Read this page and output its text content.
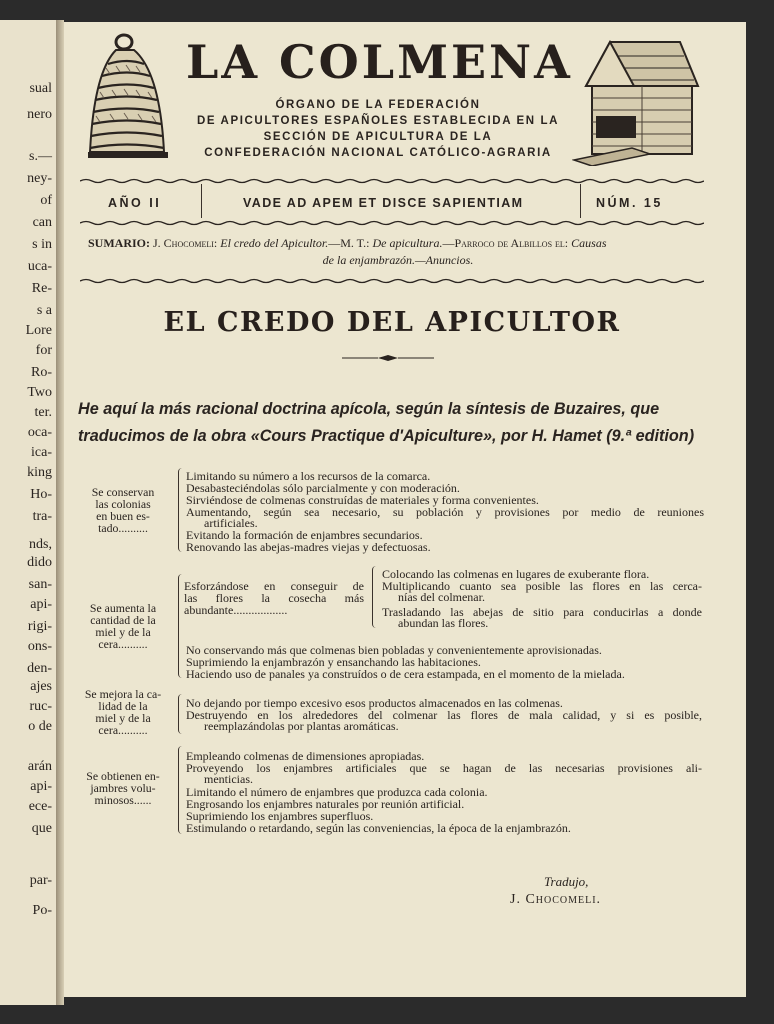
sual
nero
s.—
ney-
of
can
s in
uca-
Re-
s a
Lore
for
Ro-
Two
ter.
oca-
ica-
king
Ho-
tra-
nds,
dido
san-
api-
rigi-
ons-
den-
ajes
ruc-
o de
arán
api-
ece-
que
par-
Po-
LA COLMENA
ÓRGANO DE LA FEDERACIÓN
DE APICULTORES ESPAÑOLES ESTABLECIDA EN LA
SECCIÓN DE APICULTURA DE LA
CONFEDERACIÓN NACIONAL CATÓLICO-AGRARIA
AÑO II	VADE AD APEM ET DISCE SAPIENTIAM	NÚM. 15
SUMARIO: J. Chocomeli: El credo del Apicultor.—M. T.: De apicultura.—Parroco de Albillos el: Causas
de la enjambrazón.—Anuncios.
EL CREDO DEL APICULTOR
He aquí la más racional doctrina apícola, según la síntesis de Buzaires, que
traducimos de la obra «Cours Practique d'Apiculture», por H. Hamet (9.ª edition)
Se conservan
las colonias
en buen es-
tado..........
Limitando su número a los recursos de la comarca.
Desabasteciéndolas sólo parcialmente y con moderación.
Sirviéndose de colmenas construídas de materiales y forma convenientes.
Aumentando, según sea necesario, su población y provisiones por medio de reuniones
artificiales.
Evitando la formación de enjambres secundarios.
Renovando las abejas-madres viejas y defectuosas.
Se aumenta la
cantidad de la
miel y de la
cera..........
Esforzándose en conseguir de
las flores la cosecha más
abundante..................
Colocando las colmenas en lugares de exuberante flora.
Multiplicando cuanto sea posible las flores en las cerca-
nías del colmenar.
Trasladando las abejas de sitio para conducirlas a donde
abundan las flores.
No conservando más que colmenas bien pobladas y convenientemente aprovisionadas.
Suprimiendo la enjambrazón y ensanchando las habitaciones.
Haciendo uso de panales ya construídos o de cera estampada, en el momento de la mielada.
Se mejora la ca-
lidad de la
miel y de la
cera..........
No dejando por tiempo excesivo esos productos almacenados en las colmenas.
Destruyendo en los alrededores del colmenar las flores de mala calidad, y si es posible,
reemplazándolas por plantas aromáticas.
Se obtienen en-
jambres volu-
minosos......
Empleando colmenas de dimensiones apropiadas.
Proveyendo los enjambres artificiales que se hagan de las necesarias provisiones ali-
menticias.
Limitando el número de enjambres que produzca cada colonia.
Engrosando los enjambres naturales por reunión artificial.
Suprimiendo los enjambres superfluos.
Estimulando o retardando, según las conveniencias, la época de la enjambrazón.
Tradujo,
J. Chocomeli.
